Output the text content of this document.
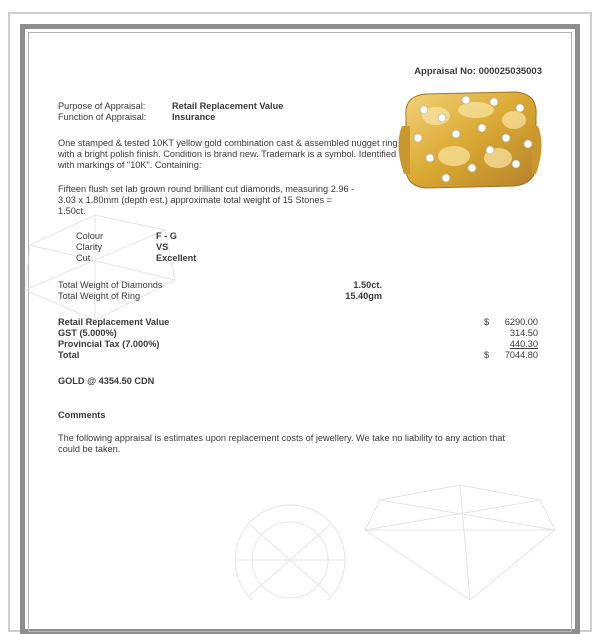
Appraisal No: 000025035003
Purpose of Appraisal:	Retail Replacement Value
Function of Appraisal:	Insurance
One stamped & tested 10KT yellow gold combination cast & assembled nugget ring with a bright polish finish. Condition is brand new. Trademark is a symbol. Identified with markings of "10K". Containing:
Fifteen flush set lab grown round brilliant cut diamonds, measuring 2.96 - 3.03 x 1.80mm (depth est.) approximate total weight of 15 Stones = 1.50ct.
Colour	F - G
Clarity	VS
Cut	Excellent
Total Weight of Diamonds	1.50ct.
Total Weight of Ring	15.40gm
Retail Replacement Value	$	6290.00
GST (5.000%)	314.50
Provincial Tax (7.000%)	440.30
Total	$	7044.80
GOLD @ 4354.50 CDN
Comments
The following appraisal is estimates upon replacement costs of jewellery. We take no liability to any action that could be taken.
